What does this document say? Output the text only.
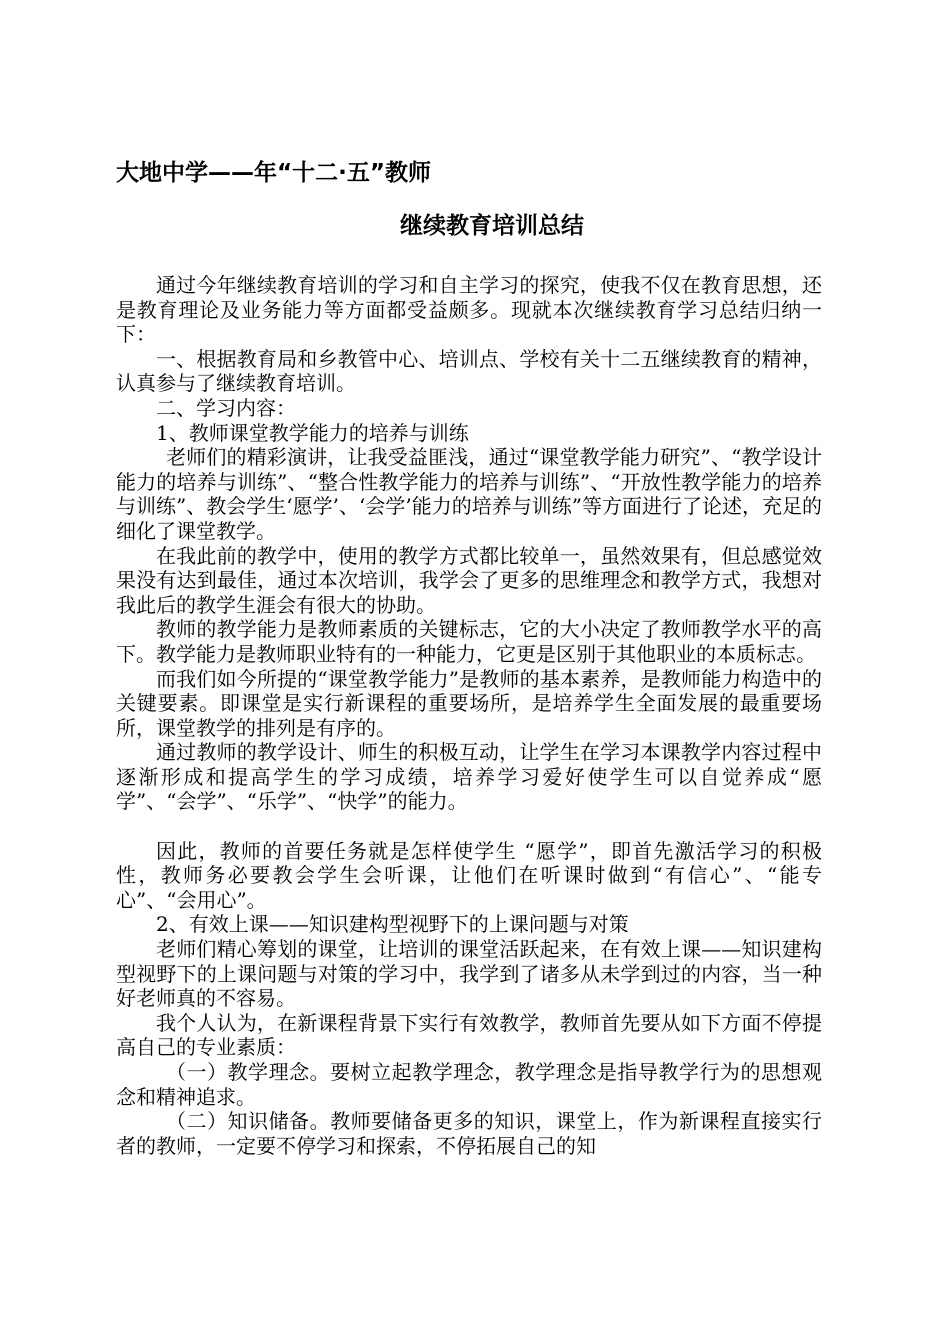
大地中学——年“十二·五”教师
继续教育培训总结

通过今年继续教育培训的学习和自主学习的探究，使我不仅在教育思想，还是教育理论及业务能力等方面都受益颇多。现就本次继续教育学习总结归纳一下：

一、根据教育局和乡教管中心、培训点、学校有关十二五继续教育的精神，认真参与了继续教育培训。

二、学习内容：

1、教师课堂教学能力的培养与训练

老师们的精彩演讲，让我受益匪浅，通过“课堂教学能力研究”、“教学设计能力的培养与训练”、“整合性教学能力的培养与训练”、“开放性教学能力的培养与训练”、教会学生‘愿学’、‘会学’能力的培养与训练”等方面进行了论述，充足的细化了课堂教学。

在我此前的教学中，使用的教学方式都比较单一，虽然效果有，但总感觉效果没有达到最佳，通过本次培训，我学会了更多的思维理念和教学方式，我想对我此后的教学生涯会有很大的协助。

教师的教学能力是教师素质的关键标志，它的大小决定了教师教学水平的高下。教学能力是教师职业特有的一种能力，它更是区别于其他职业的本质标志。

而我们如今所提的“课堂教学能力”是教师的基本素养，是教师能力构造中的关键要素。即课堂是实行新课程的重要场所，是培养学生全面发展的最重要场所，课堂教学的排列是有序的。

通过教师的教学设计、师生的积极互动，让学生在学习本课教学内容过程中逐渐形成和提高学生的学习成绩，培养学习爱好使学生可以自觉养成“愿学”、“会学”、“乐学”、“快学”的能力。

因此，教师的首要任务就是怎样使学生 “愿学”，即首先激活学习的积极性，教师务必要教会学生会听课，让他们在听课时做到“有信心”、“能专心”、“会用心”。

2、有效上课——知识建构型视野下的上课问题与对策

老师们精心筹划的课堂，让培训的课堂活跃起来，在有效上课——知识建构型视野下的上课问题与对策的学习中，我学到了诸多从未学到过的内容，当一种好老师真的不容易。

我个人认为，在新课程背景下实行有效教学，教师首先要从如下方面不停提高自己的专业素质：

（一）教学理念。要树立起教学理念，教学理念是指导教学行为的思想观念和精神追求。

（二）知识储备。教师要储备更多的知识，课堂上，作为新课程直接实行者的教师，一定要不停学习和探索，不停拓展自己的知
